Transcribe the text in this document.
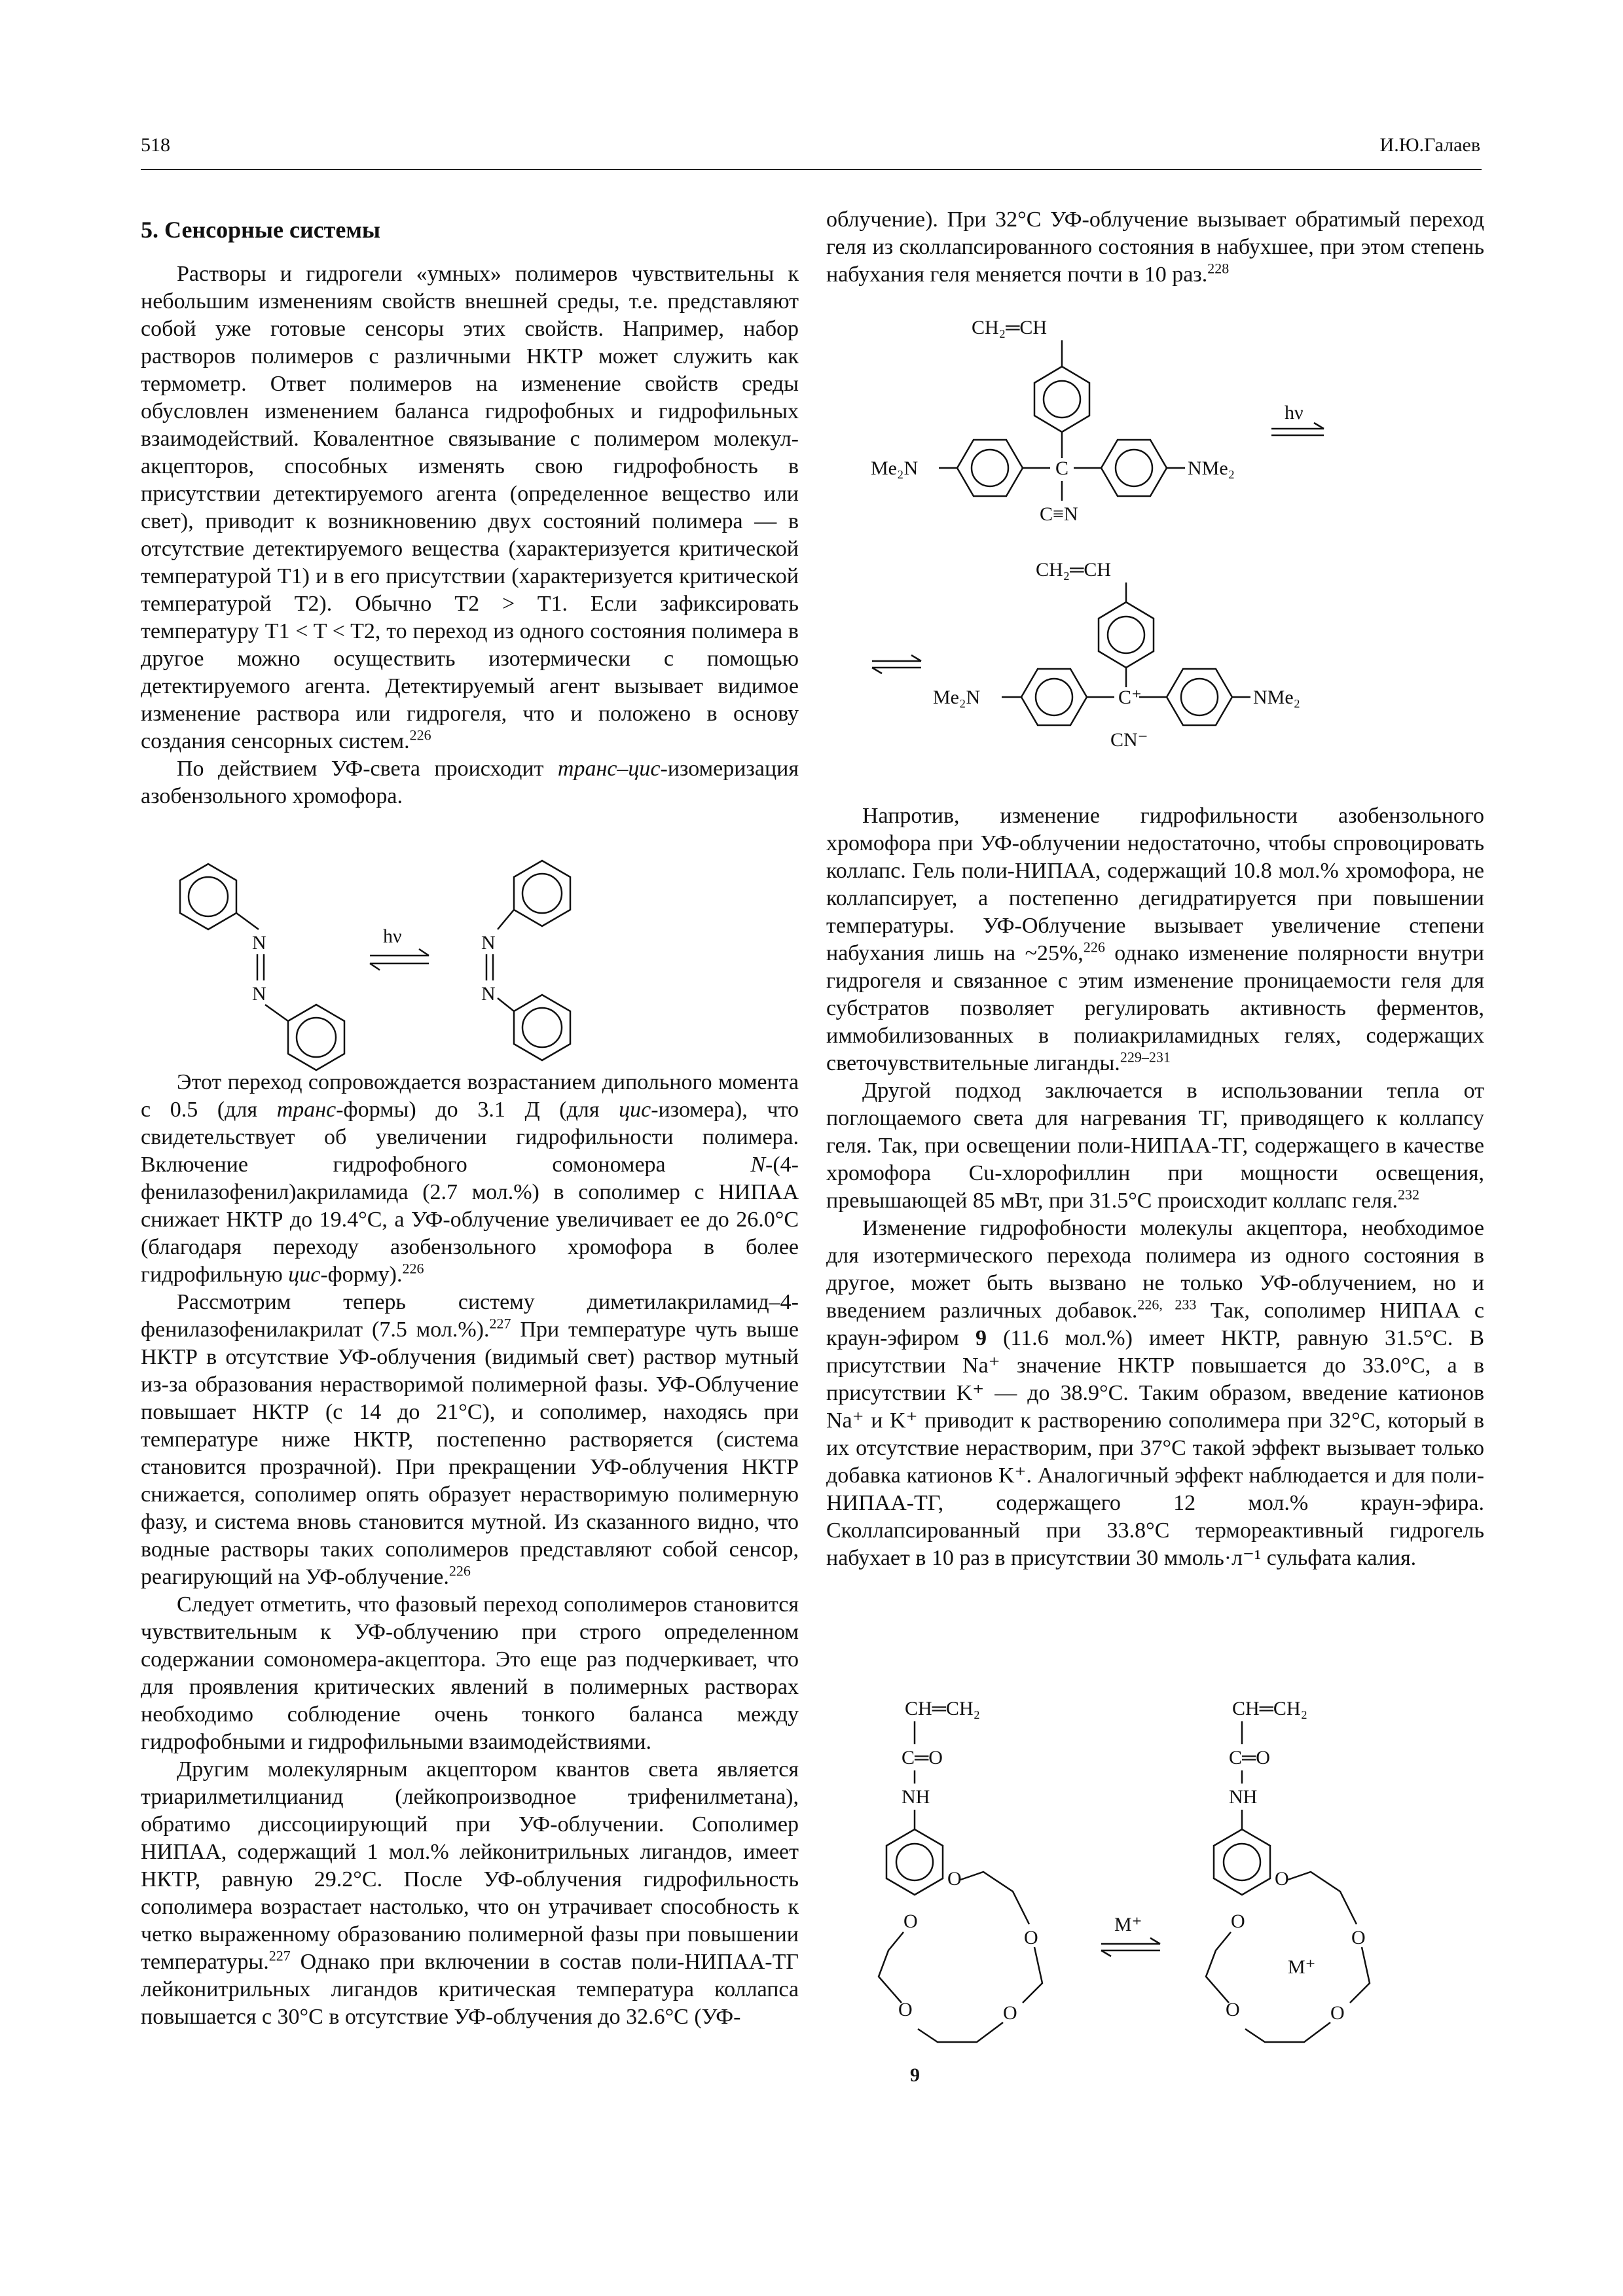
518	И.Ю.Галаев
5. Сенсорные системы

Растворы и гидрогели «умных» полимеров чувствительны к небольшим изменениям свойств внешней среды, т.е. представляют собой уже готовые сенсоры этих свойств. Например, набор растворов полимеров с различными НКТР может служить как термометр. Ответ полимеров на изменение свойств среды обусловлен изменением баланса гидрофобных и гидрофильных взаимодействий. Ковалентное связывание с полимером молекул-акцепторов, способных изменять свою гидрофобность в присутствии детектируемого агента (определенное вещество или свет), приводит к возникновению двух состояний полимера — в отсутствие детектируемого вещества (характеризуется критической температурой T1) и в его присутствии (характеризуется критической температурой T2). Обычно T2 > T1. Если зафиксировать температуру T1 < T < T2, то переход из одного состояния полимера в другое можно осуществить изотермически с помощью детектируемого агента. Детектируемый агент вызывает видимое изменение раствора или гидрогеля, что и положено в основу создания сенсорных систем.$^{226}$

По действием УФ-света происходит транс–цис-изомеризация азобензольного хромофора.

Этот переход сопровождается возрастанием дипольного момента с 0.5 (для транс-формы) до 3.1 Д (для цис-изомера), что свидетельствует об увеличении гидрофильности полимера. Включение гидрофобного сомономера N-(4-фенилазофенил)акриламида (2.7 мол.%) в сополимер с НИПАА снижает НКТР до 19.4°C, а УФ-облучение увеличивает ее до 26.0°C (благодаря переходу азобензольного хромофора в более гидрофильную цис-форму).$^{226}$

Рассмотрим теперь систему диметилакриламид–4-фенилазофенилакрилат (7.5 мол.%).$^{227}$ При температуре чуть выше НКТР в отсутствие УФ-облучения (видимый свет) раствор мутный из-за образования нерастворимой полимерной фазы. УФ-Облучение повышает НКТР (с 14 до 21°C), и сополимер, находясь при температуре ниже НКТР, постепенно растворяется (система становится прозрачной). При прекращении УФ-облучения НКТР снижается, сополимер опять образует нерастворимую полимерную фазу, и система вновь становится мутной. Из сказанного видно, что водные растворы таких сополимеров представляют собой сенсор, реагирующий на УФ-облучение.$^{226}$

Следует отметить, что фазовый переход сополимеров становится чувствительным к УФ-облучению при строго определенном содержании сомономера-акцептора. Это еще раз подчеркивает, что для проявления критических явлений в полимерных растворах необходимо соблюдение очень тонкого баланса между гидрофобными и гидрофильными взаимодействиями.

Другим молекулярным акцептором квантов света является триарилметилцианид (лейкопроизводное трифенилметана), обратимо диссоциирующий при УФ-облучении. Сополимер НИПАА, содержащий 1 мол.% лейконитрильных лигандов, имеет НКТР, равную 29.2°C. После УФ-облучения гидрофильность сополимера возрастает настолько, что он утрачивает способность к четко выраженному образованию полимерной фазы при повышении температуры.$^{227}$ Однако при включении в состав поли-НИПАА-ТГ лейконитрильных лигандов критическая температура коллапса повышается с 30°C в отсутствие УФ-облучения до 32.6°C (УФ-

N
N
hν	N
N

облучение). При 32°C УФ-облучение вызывает обратимый переход геля из сколлапсированного состояния в набухшее, при этом степень набухания геля меняется почти в 10 раз.$^{228}$

Напротив, изменение гидрофильности азобензольного хромофора при УФ-облучении недостаточно, чтобы спровоцировать коллапс. Гель поли-НИПАА, содержащий 10.8 мол.% хромофора, не коллапсирует, а постепенно дегидратируется при повышении температуры. УФ-Облучение вызывает увеличение степени набухания лишь на ~25%,$^{226}$ однако изменение полярности внутри гидрогеля и связанное с этим изменение проницаемости геля для субстратов позволяет регулировать активность ферментов, иммобилизованных в полиакриламидных гелях, содержащих светочувствительные лиганды.$^{229-231}$

Другой подход заключается в использовании тепла от поглощаемого света для нагревания ТГ, приводящего к коллапсу геля. Так, при освещении поли-НИПАА-ТГ, содержащего в качестве хромофора Cu-хлорофиллин при мощности освещения, превышающей 85 мВт, при 31.5°C происходит коллапс геля.$^{232}$

Изменение гидрофобности молекулы акцептора, необходимое для изотермического перехода полимера из одного состояния в другое, может быть вызвано не только УФ-облучением, но и введением различных добавок.$^{226, 233}$ Так, сополимер НИПАА с краун-эфиром 9 (11.6 мол.%) имеет НКТР, равную 31.5°C. В присутствии Na⁺ значение НКТР повышается до 33.0°C, а в присутствии K⁺ — до 38.9°C. Таким образом, введение катионов Na⁺ и K⁺ приводит к растворению сополимера при 32°C, который в их отсутствие нерастворим, при 37°C такой эффект вызывает только добавка катионов K⁺. Аналогичный эффект наблюдается и для поли-НИПАА-ТГ, содержащего 12 мол.% краун-эфира. Сколлапсированный при 33.8°C термореактивный гидрогель набухает в 10 раз в присутствии 30 ммоль·л⁻¹ сульфата калия.

CH₂═CH
C
Me₂N	NMe₂
C≡N
hν
CH₂═CH
C⁺
Me₂N	NMe₂
CN⁻
CH═CH₂
C═O
NH
O
O
O
O
O
9
M⁺
CH═CH₂
C═O
NH
O
O
O
O
O
M⁺
